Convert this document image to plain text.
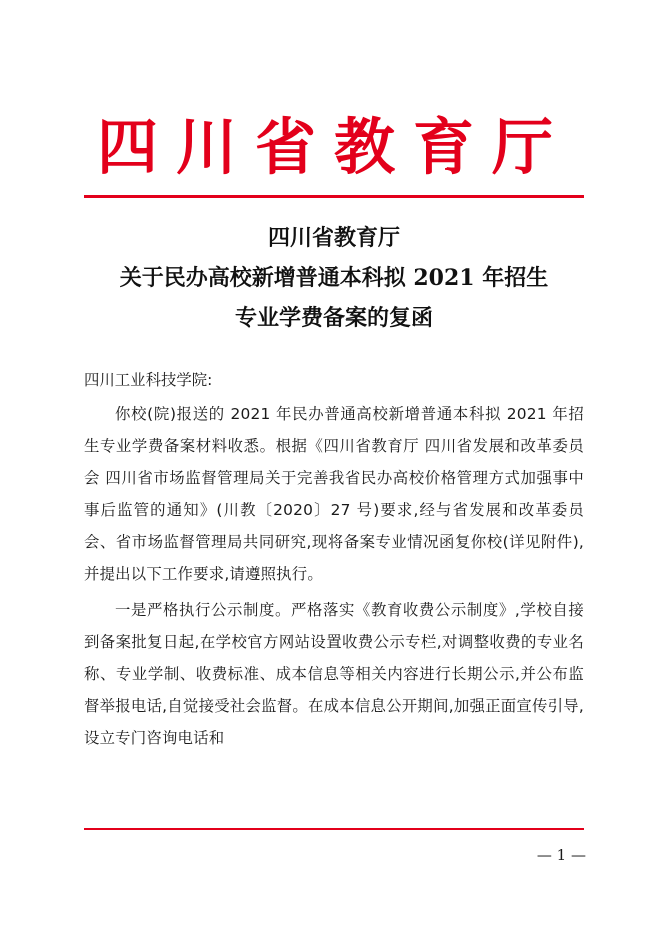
四川省教育厅
四川省教育厅
关于民办高校新增普通本科拟 2021 年招生
专业学费备案的复函
四川工业科技学院:

你校(院)报送的 2021 年民办普通高校新增普通本科拟 2021 年招生专业学费备案材料收悉。根据《四川省教育厅 四川省发展和改革委员会 四川省市场监督管理局关于完善我省民办高校价格管理方式加强事中事后监管的通知》(川教〔2020〕27 号)要求,经与省发展和改革委员会、省市场监督管理局共同研究,现将备案专业情况函复你校(详见附件),并提出以下工作要求,请遵照执行。

一是严格执行公示制度。严格落实《教育收费公示制度》,学校自接到备案批复日起,在学校官方网站设置收费公示专栏,对调整收费的专业名称、专业学制、收费标准、成本信息等相关内容进行长期公示,并公布监督举报电话,自觉接受社会监督。在成本信息公开期间,加强正面宣传引导,设立专门咨询电话和

— 1 —
